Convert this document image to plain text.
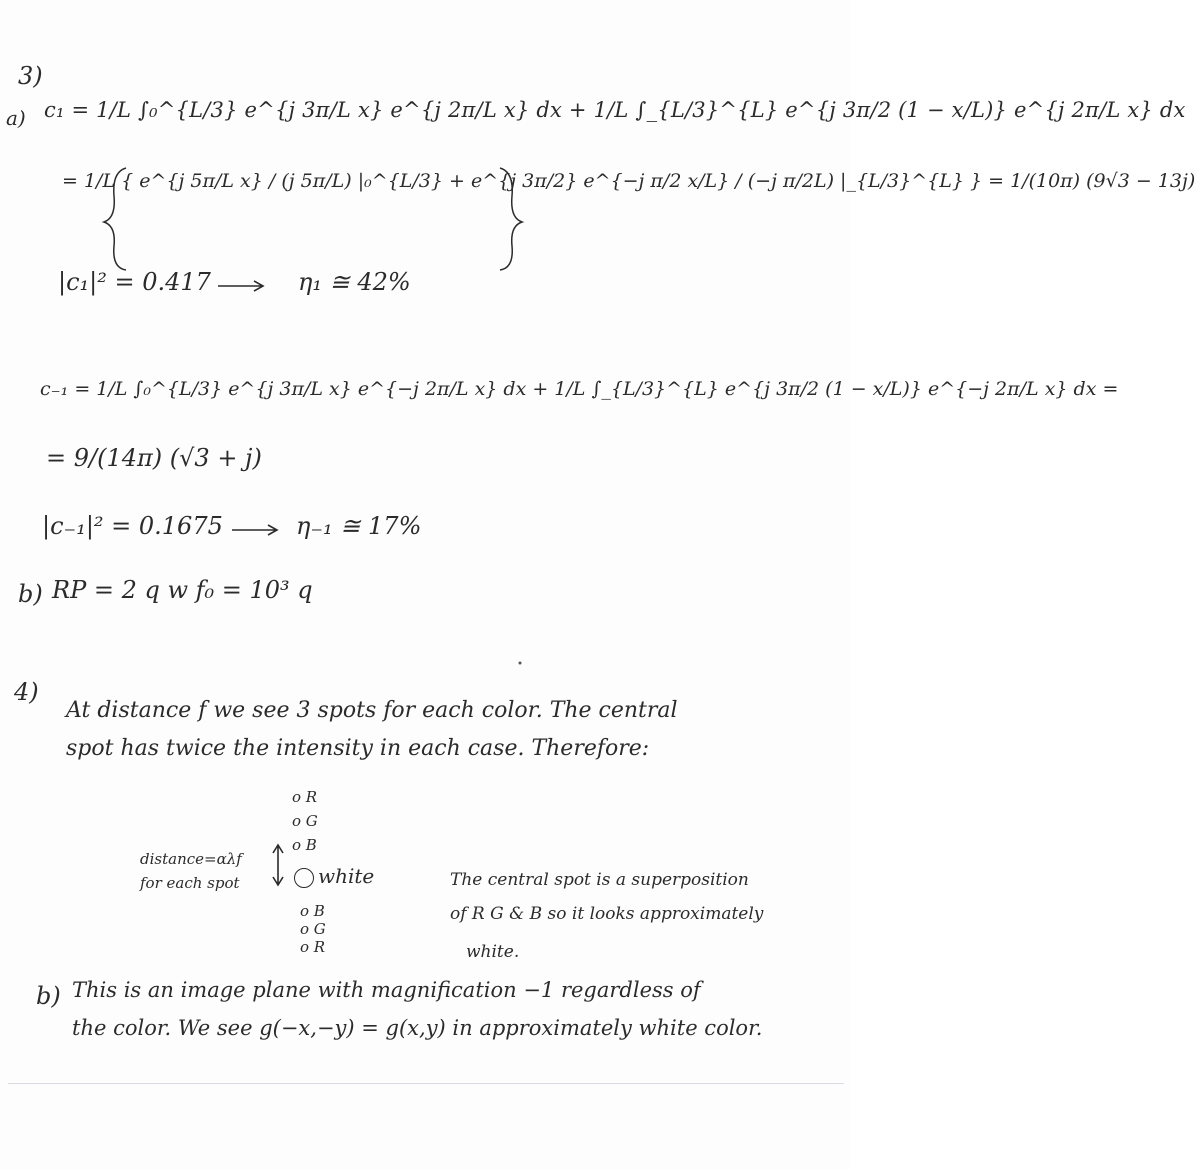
3)
a) c₁ = 1/L ∫₀^{L/3} e^{j 3π/L x} e^{j 2π/L x} dx + 1/L ∫_{L/3}^{L} e^{j 3π/2 (1 − x/L)} e^{j 2π/L x} dx
= 1/L { e^{j 5π/L x} / (j 5π/L) |₀^{L/3} + e^{j 3π/2} e^{−j π/2 x/L} / (−j π/2L) |_{L/3}^{L} } = 1/(10π) (9√3 − 13j)
|c₁|² = 0.417	η₁ ≅ 42%
c₋₁ = 1/L ∫₀^{L/3} e^{j 3π/L x} e^{−j 2π/L x} dx + 1/L ∫_{L/3}^{L} e^{j 3π/2 (1 − x/L)} e^{−j 2π/L x} dx =
= 9/(14π) (√3 + j)
|c₋₁|² = 0.1675	η₋₁ ≅ 17%
b) RP = 2 q w f₀ = 10³ q
4)
At distance f we see 3 spots for each color. The central
spot has twice the intensity in each case. Therefore:
o R
o G
o B
white
distance=αλf
for each spot
o B
o G
o R
The central spot is a superposition
of R G & B so it looks approximately
white.
b) This is an image plane with magnification −1 regardless of
the color. We see g(−x,−y) = g(x,y) in approximately white color.
